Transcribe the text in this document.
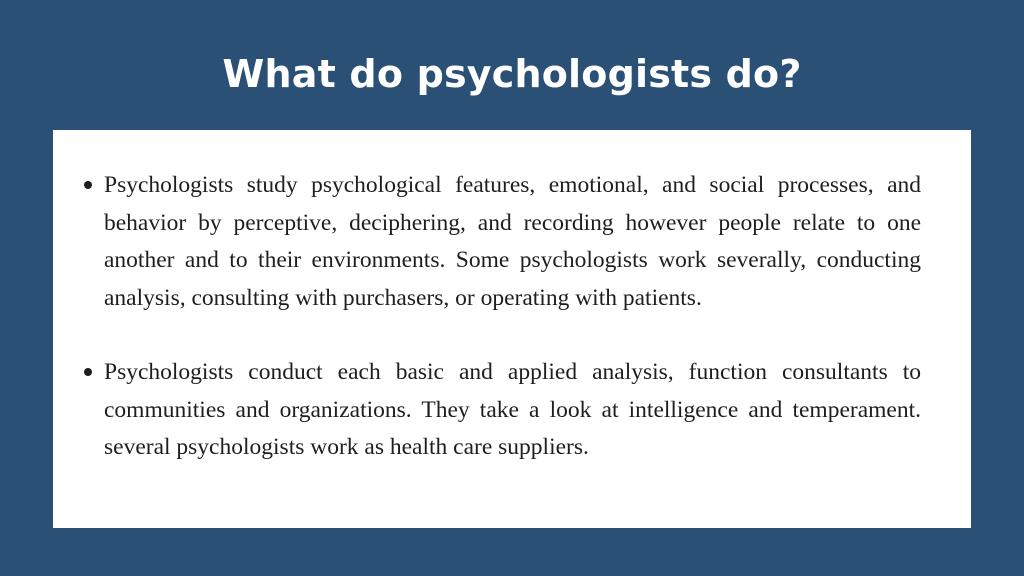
What do psychologists do?
Psychologists study psychological features, emotional, and social processes, and behavior by perceptive, deciphering, and recording however people relate to one another and to their environments. Some psychologists work severally, conducting analysis, consulting with purchasers, or operating with patients.
Psychologists conduct each basic and applied analysis, function consultants to communities and organizations. They take a look at intelligence and temperament. several psychologists work as health care suppliers.
